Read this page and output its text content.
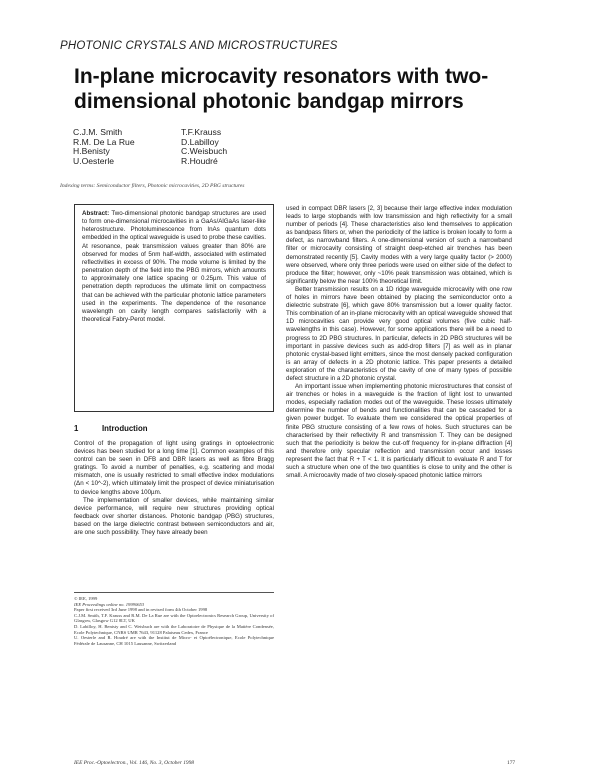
PHOTONIC CRYSTALS AND MICROSTRUCTURES
In-plane microcavity resonators with two-dimensional photonic bandgap mirrors
C.J.M. Smith
R.M. De La Rue
H.Benisty
U.Oesterle
T.F.Krauss
D.Labilloy
C.Weisbuch
R.Houdré
Indexing terms: Semiconductor filters, Photonic microcavities, 2D PBG structures
Abstract: Two-dimensional photonic bandgap structures are used to form one-dimensional microcavities in a GaAs/AlGaAs laser-like heterostructure. Photoluminescence from InAs quantum dots embedded in the optical waveguide is used to probe these cavities. At resonance, peak transmission values greater than 80% are observed for modes of 5nm half-width, associated with estimated reflectivities in excess of 90%. The mode volume is limited by the penetration depth of the field into the PBG mirrors, which amounts to approximately one lattice spacing or 0.25µm. This value of penetration depth reproduces the ultimate limit on compactness that can be achieved with the particular photonic lattice parameters used in the experiments. The dependence of the resonance wavelength on cavity length compares satisfactorily with a theoretical Fabry-Perot model.
1	Introduction

Control of the propagation of light using gratings in optoelectronic devices has been studied for a long time [1]. Common examples of this control can be seen in DFB and DBR lasers as well as fibre Bragg gratings. To avoid a number of penalties, e.g. scattering and modal mismatch, one is usually restricted to small effective index modulations (Δn < 10^-2), which ultimately limit the prospect of device miniaturisation to device lengths above 100µm.

The implementation of smaller devices, while maintaining similar device performance, will require new structures providing optical feedback over shorter distances. Photonic bandgap (PBG) structures, based on the large dielectric contrast between semiconductors and air, are one such possibility. They have already been

© IEE, 1999
IEE Proceedings online no. 19990653
Paper first received 3rd June 1998 and in revised form 4th October 1998
C.J.M. Smith, T.F. Krauss and R.M. De La Rue are with the Optoelectronics Research Group, University of Glasgow, Glasgow G12 8LT, UK
D. Labilloy, H. Benisty and C. Weisbuch are with the Laboratoire de Physique de la Matière Condensée, Ecole Polytechnique, CNRS UMR 7643, 91128 Palaiseau Cedex, France
U. Oesterle and R. Houdré are with the Institut de Micro- et Optoélectronique, Ecole Polytechnique Fédérale de Lausanne, CH 1015 Lausanne, Switzerland

used in compact DBR lasers [2, 3] because their large effective index modulation leads to large stopbands with low transmission and high reflectivity for a small number of periods [4]. These characteristics also lend themselves to application as bandpass filters or, when the periodicity of the lattice is broken locally to form a defect, as narrowband filters. A one-dimensional version of such a narrowband filter or microcavity consisting of straight deep-etched air trenches has been demonstrated recently [5]. Cavity modes with a very large quality factor (> 2000) were observed, where only three periods were used on either side of the defect to produce the filter; however, only ~10% peak transmission was obtained, which is significantly below the near 100% theoretical limit.

Better transmission results on a 1D ridge waveguide microcavity with one row of holes in mirrors have been obtained by placing the semiconductor onto a dielectric substrate [6], which gave 80% transmission but a lower quality factor. This combination of an in-plane microcavity with an optical waveguide showed that 1D microcavities can provide very good optical volumes (five cubic half-wavelengths in this case). However, for some applications there will be a need to progress to 2D PBG structures. In particular, defects in 2D PBG structures will be important in passive devices such as add-drop filters [7] as well as in planar photonic crystal-based light emitters, since the most densely packed configuration is an array of defects in a 2D photonic lattice. This paper presents a detailed exploration of the characteristics of the cavity of one of many types of possible defect structure in a 2D photonic crystal.

An important issue when implementing photonic microstructures that consist of air trenches or holes in a waveguide is the fraction of light lost to unwanted modes, especially radiation modes out of the waveguide. These losses ultimately determine the number of bends and functionalities that can be cascaded for a given power budget. To evaluate them we considered the optical properties of finite PBG structure consisting of a few rows of holes. Such structures can be characterised by their reflectivity R and transmission T. They can be designed such that the periodicity is below the cut-off frequency for in-plane diffraction [4] and therefore only specular reflection and transmission occur and losses represent the fact that R + T < 1. It is particularly difficult to evaluate R and T for such a structure when one of the two quantities is close to unity and the other is small. A microcavity made of two closely-spaced photonic lattice mirrors

IEE Proc.-Optoelectron., Vol. 146, No. 3, October 1998	177
